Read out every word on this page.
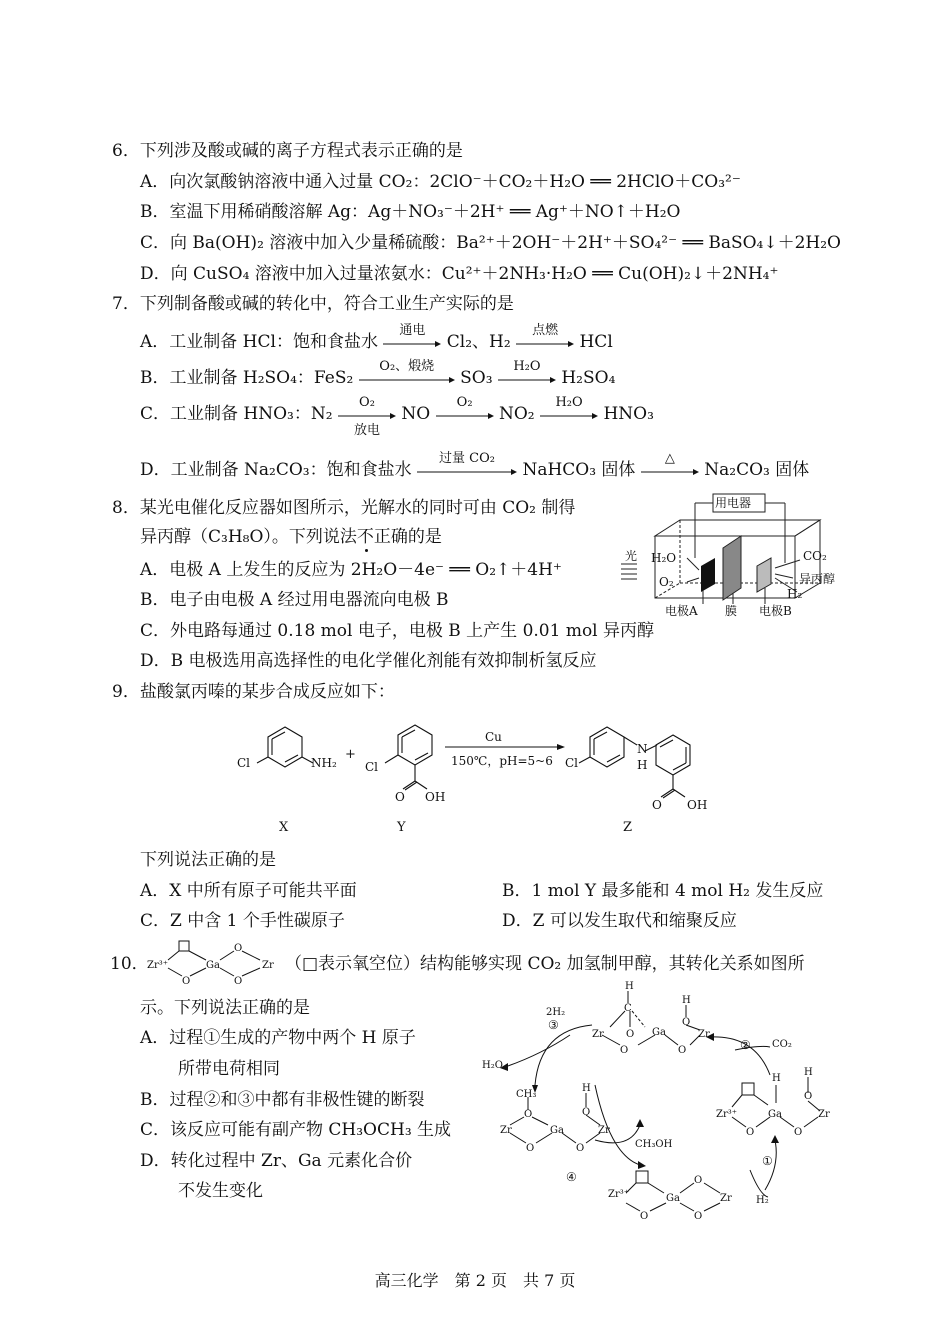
6．下列涉及酸或碱的离子方程式表示正确的是
A．向次氯酸钠溶液中通入过量 CO₂：2ClO⁻＋CO₂＋H₂O ══ 2HClO＋CO₃²⁻
B．室温下用稀硝酸溶解 Ag：Ag＋NO₃⁻＋2H⁺ ══ Ag⁺＋NO↑＋H₂O
C．向 Ba(OH)₂ 溶液中加入少量稀硫酸：Ba²⁺＋2OH⁻＋2H⁺＋SO₄²⁻ ══ BaSO₄↓＋2H₂O
D．向 CuSO₄ 溶液中加入过量浓氨水：Cu²⁺＋2NH₃·H₂O ══ Cu(OH)₂↓＋2NH₄⁺
7．下列制备酸或碱的转化中，符合工业生产实际的是
A．工业制备 HCl：饱和食盐水
通电
Cl₂、H₂
点燃
HCl
B．工业制备 H₂SO₄：FeS₂
O₂、煅烧
SO₃
H₂O
H₂SO₄
C．工业制备 HNO₃：N₂
O₂
放电
NO
O₂
NO₂
H₂O
HNO₃
D．工业制备 Na₂CO₃：饱和食盐水
过量 CO₂
NaHCO₃ 固体
△
Na₂CO₃ 固体
8．某光电催化反应器如图所示，光解水的同时可由 CO₂ 制得
异丙醇（C₃H₈O）。下列说法不正确的是
A．电极 A 上发生的反应为 2H₂O－4e⁻ ══ O₂↑＋4H⁺
B．电子由电极 A 经过用电器流向电极 B
C．外电路每通过 0.18 mol 电子，电极 B 上产生 0.01 mol 异丙醇
D．B 电极选用高选择性的电化学催化剂能有效抑制析氢反应
用电器
光 H₂O
O₂
CO₂
异丙醇
H₂
电极A 膜 电极B
9．盐酸氯丙嗪的某步合成反应如下：
Cl	NH₂
+
Cl
O OH
Cu
150℃，pH=5~6 Cl
N
H
O OH
X	Y	Z
下列说法正确的是
A．X 中所有原子可能共平面	B．1 mol Y 最多能和 4 mol H₂ 发生反应
C．Z 中含 1 个手性碳原子	D．Z 可以发生取代和缩聚反应
10．
Zr³⁺
O
Ga
O
O
Zr （□表示氧空位）结构能够实现 CO₂ 加氢制甲醇，其转化关系如图所
示。下列说法正确的是
A．过程①生成的产物中两个 H 原子
所带电荷相同
B．过程②和③中都有非极性键的断裂
C．该反应可能有副产物 CH₃OCH₃ 生成
D．转化过程中 Zr、Ga 元素化合价
不发生变化
H
C
Zr O Ga
O	O
H
O
Zr
2H₂
③
② CO₂
H₂O
CH₃
O
Zr	Ga
O	O
H
O
Zr
CH₃OH
H
Zr³⁺	Ga
O	O
H
O
Zr
①
H₂
④
Zr³⁺	Ga
O
O
O
Zr
高三化学　第 2 页　共 7 页
